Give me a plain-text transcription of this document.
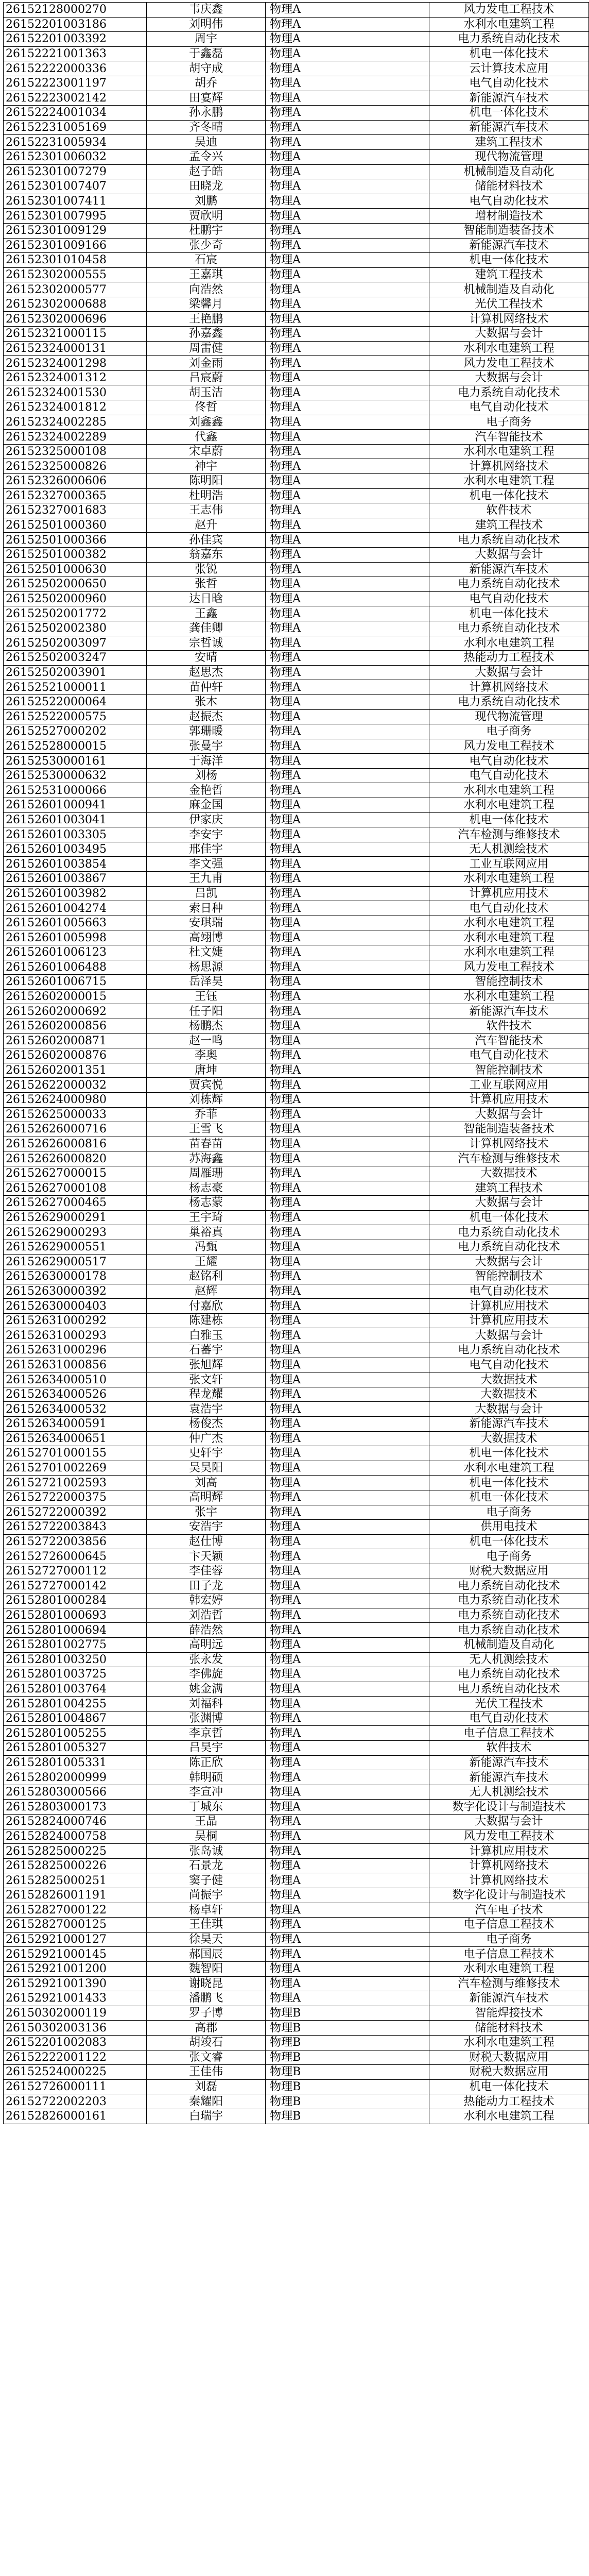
26152128000270	韦庆鑫	物理A	风力发电工程技术
26152201003186	刘明伟	物理A	水利水电建筑工程
26152201003392	周宇	物理A	电力系统自动化技术
26152221001363	于鑫磊	物理A	机电一体化技术
26152222000336	胡守成	物理A	云计算技术应用
26152223001197	胡乔	物理A	电气自动化技术
26152223002142	田宴辉	物理A	新能源汽车技术
26152224001034	孙永鹏	物理A	机电一体化技术
26152231005169	齐冬晴	物理A	新能源汽车技术
26152231005934	吴迪	物理A	建筑工程技术
26152301006032	孟令兴	物理A	现代物流管理
26152301007279	赵子皓	物理A	机械制造及自动化
26152301007407	田晓龙	物理A	储能材料技术
26152301007411	刘鹏	物理A	电气自动化技术
26152301007995	贾欣明	物理A	增材制造技术
26152301009129	杜鹏宇	物理A	智能制造装备技术
26152301009166	张少奇	物理A	新能源汽车技术
26152301010458	石宸	物理A	机电一体化技术
26152302000555	王嘉琪	物理A	建筑工程技术
26152302000577	向浩然	物理A	机械制造及自动化
26152302000688	梁馨月	物理A	光伏工程技术
26152302000696	王艳鹏	物理A	计算机网络技术
26152321000115	孙嘉鑫	物理A	大数据与会计
26152324000131	周雷健	物理A	水利水电建筑工程
26152324001298	刘金雨	物理A	风力发电工程技术
26152324001312	吕宸蔚	物理A	大数据与会计
26152324001530	胡玉洁	物理A	电力系统自动化技术
26152324001812	佟哲	物理A	电气自动化技术
26152324002285	刘鑫鑫	物理A	电子商务
26152324002289	代鑫	物理A	汽车智能技术
26152325000108	宋卓蔚	物理A	水利水电建筑工程
26152325000826	神宇	物理A	计算机网络技术
26152326000606	陈明阳	物理A	水利水电建筑工程
26152327000365	杜明浩	物理A	机电一体化技术
26152327001683	王志伟	物理A	软件技术
26152501000360	赵升	物理A	建筑工程技术
26152501000366	孙佳宾	物理A	电力系统自动化技术
26152501000382	翁嘉东	物理A	大数据与会计
26152501000630	张锐	物理A	新能源汽车技术
26152502000650	张哲	物理A	电力系统自动化技术
26152502000960	达日晗	物理A	电气自动化技术
26152502001772	王鑫	物理A	机电一体化技术
26152502002380	龚佳卿	物理A	电力系统自动化技术
26152502003097	宗哲诚	物理A	水利水电建筑工程
26152502003247	安晴	物理A	热能动力工程技术
26152502003901	赵思杰	物理A	大数据与会计
26152521000011	苗仲轩	物理A	计算机网络技术
26152522000064	张木	物理A	电力系统自动化技术
26152522000575	赵振杰	物理A	现代物流管理
26152527000202	郭珊暖	物理A	电子商务
26152528000015	张曼宇	物理A	风力发电工程技术
26152530000161	于海洋	物理A	电气自动化技术
26152530000632	刘杨	物理A	电气自动化技术
26152531000066	金艳哲	物理A	水利水电建筑工程
26152601000941	麻金国	物理A	水利水电建筑工程
26152601003041	伊家庆	物理A	机电一体化技术
26152601003305	李安宇	物理A	汽车检测与维修技术
26152601003495	邢佳宇	物理A	无人机测绘技术
26152601003854	李文强	物理A	工业互联网应用
26152601003867	王九甫	物理A	水利水电建筑工程
26152601003982	吕凯	物理A	计算机应用技术
26152601004274	索日种	物理A	电气自动化技术
26152601005663	安琪瑞	物理A	水利水电建筑工程
26152601005998	高翊博	物理A	水利水电建筑工程
26152601006123	杜文婕	物理A	水利水电建筑工程
26152601006488	杨思源	物理A	风力发电工程技术
26152601006715	岳泽昊	物理A	智能控制技术
26152602000015	王钰	物理A	水利水电建筑工程
26152602000692	任子阳	物理A	新能源汽车技术
26152602000856	杨鹏杰	物理A	软件技术
26152602000871	赵一鸣	物理A	汽车智能技术
26152602000876	李奥	物理A	电气自动化技术
26152602001351	唐坤	物理A	智能控制技术
26152622000032	贾宾悦	物理A	工业互联网应用
26152624000980	刘栋辉	物理A	计算机应用技术
26152625000033	乔菲	物理A	大数据与会计
26152626000716	王雪飞	物理A	智能制造装备技术
26152626000816	苗春苗	物理A	计算机网络技术
26152626000820	苏海鑫	物理A	汽车检测与维修技术
26152627000015	周雁珊	物理A	大数据技术
26152627000108	杨志豪	物理A	建筑工程技术
26152627000465	杨志蒙	物理A	大数据与会计
26152629000291	王宇琦	物理A	机电一体化技术
26152629000293	巢裕真	物理A	电力系统自动化技术
26152629000551	冯甄	物理A	电力系统自动化技术
26152629000517	王耀	物理A	大数据与会计
26152630000178	赵铭利	物理A	智能控制技术
26152630000392	赵辉	物理A	电气自动化技术
26152630000403	付嘉欣	物理A	计算机应用技术
26152631000292	陈建栋	物理A	计算机应用技术
26152631000293	白雅玉	物理A	大数据与会计
26152631000296	石蕃宇	物理A	电力系统自动化技术
26152631000856	张旭辉	物理A	电气自动化技术
26152634000510	张文轩	物理A	大数据技术
26152634000526	程龙耀	物理A	大数据技术
26152634000532	袁浩宇	物理A	大数据与会计
26152634000591	杨俊杰	物理A	新能源汽车技术
26152634000651	仲广杰	物理A	大数据技术
26152701000155	史轩宇	物理A	机电一体化技术
26152701002269	吴昊阳	物理A	水利水电建筑工程
26152721002593	刘高	物理A	机电一体化技术
26152722000375	高明辉	物理A	机电一体化技术
26152722000392	张宇	物理A	电子商务
26152722003843	安浩宇	物理A	供用电技术
26152722003856	赵仕博	物理A	机电一体化技术
26152726000645	卞天颖	物理A	电子商务
26152727000112	李佳蓉	物理A	财税大数据应用
26152727000142	田子龙	物理A	电力系统自动化技术
26152801000284	韩宏婷	物理A	电力系统自动化技术
26152801000693	刘浩哲	物理A	电力系统自动化技术
26152801000694	薛浩然	物理A	电力系统自动化技术
26152801002775	高明远	物理A	机械制造及自动化
26152801003250	张永发	物理A	无人机测绘技术
26152801003725	李佛旋	物理A	电力系统自动化技术
26152801003764	姚金满	物理A	电力系统自动化技术
26152801004255	刘福科	物理A	光伏工程技术
26152801004867	张渊博	物理A	电气自动化技术
26152801005255	李京哲	物理A	电子信息工程技术
26152801005327	吕昊宇	物理A	软件技术
26152801005331	陈正欣	物理A	新能源汽车技术
26152802000999	韩明硕	物理A	新能源汽车技术
26152803000566	李宣冲	物理A	无人机测绘技术
26152803000173	丁城东	物理A	数字化设计与制造技术
26152824000746	王晶	物理A	大数据与会计
26152824000758	吴桐	物理A	风力发电工程技术
26152825000225	张岛诚	物理A	计算机应用技术
26152825000226	石景龙	物理A	计算机网络技术
26152825000251	窦子健	物理A	计算机网络技术
26152826001191	尚振宇	物理A	数字化设计与制造技术
26152827000122	杨卓轩	物理A	汽车电子技术
26152827000125	王佳琪	物理A	电子信息工程技术
26152921000127	徐昊天	物理A	电子商务
26152921000145	郝国辰	物理A	电子信息工程技术
26152921001200	魏智阳	物理A	水利水电建筑工程
26152921001390	谢晓昆	物理A	汽车检测与维修技术
26152921001433	潘鹏飞	物理A	新能源汽车技术
26150302000119	罗子博	物理B	智能焊接技术
26150302003136	高郡	物理B	储能材料技术
26152201002083	胡竣石	物理B	水利水电建筑工程
26152222001122	张文睿	物理B	财税大数据应用
26152524000225	王佳伟	物理B	财税大数据应用
26152726000111	刘磊	物理B	机电一体化技术
26152722002203	秦耀阳	物理B	热能动力工程技术
26152826000161	白瑞宇	物理B	水利水电建筑工程
